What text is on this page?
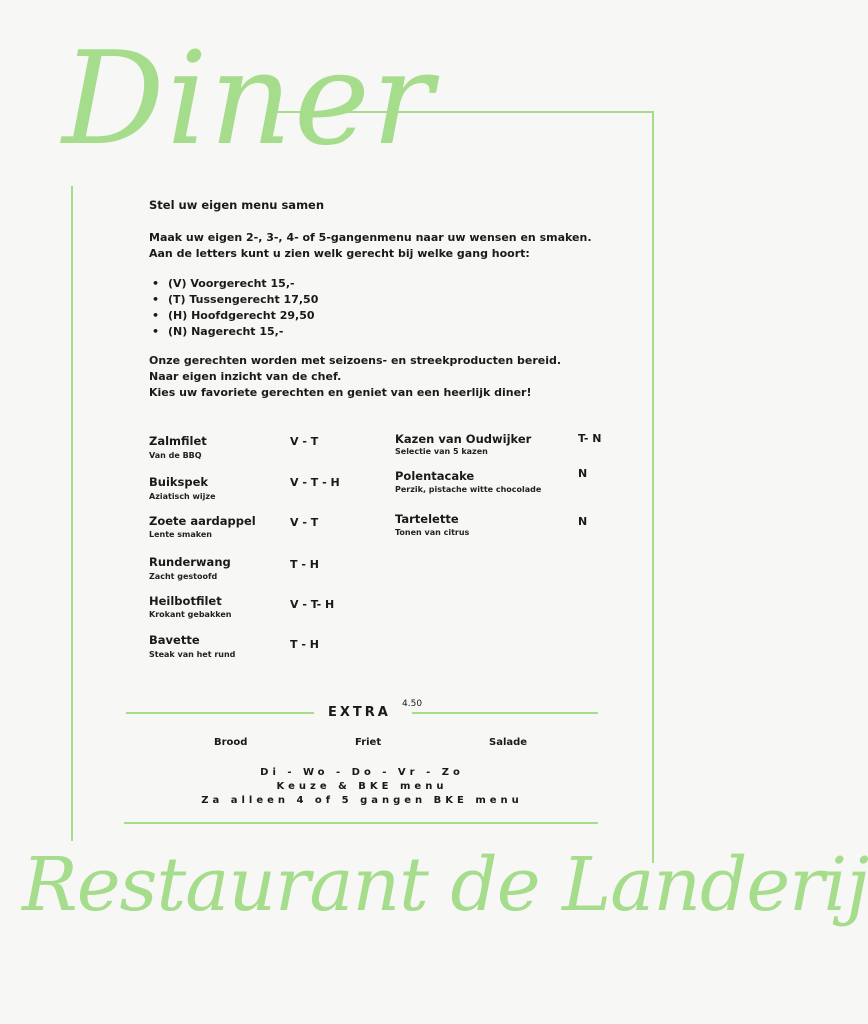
Diner
Stel uw eigen menu samen
Maak uw eigen 2-, 3-, 4- of 5-gangenmenu naar uw wensen en smaken.
Aan de letters kunt u zien welk gerecht bij welke gang hoort:
• (V) Voorgerecht 15,-
• (T) Tussengerecht 17,50
• (H) Hoofdgerecht 29,50
• (N) Nagerecht 15,-
Onze gerechten worden met seizoens- en streekproducten bereid.
Naar eigen inzicht van de chef.
Kies uw favoriete gerechten en geniet van een heerlijk diner!
Zalmfilet
Van de BBQ
V - T
Buikspek
Aziatisch wijze
V - T - H
Zoete aardappel
Lente smaken
V - T
Runderwang
Zacht gestoofd
T - H
Heilbotfilet
Krokant gebakken
V - T- H
Bavette
Steak van het rund
T - H
Kazen van Oudwijker
Selectie van 5 kazen
T- N
Polentacake
Perzik, pistache witte chocolade
N
Tartelette
Tonen van citrus
N
EXTRA
4.50
Brood	Friet	Salade
Di - Wo - Do - Vr - Zo
Keuze & BKE menu
Za alleen 4 of 5 gangen BKE menu
Restaurant de Landerij
